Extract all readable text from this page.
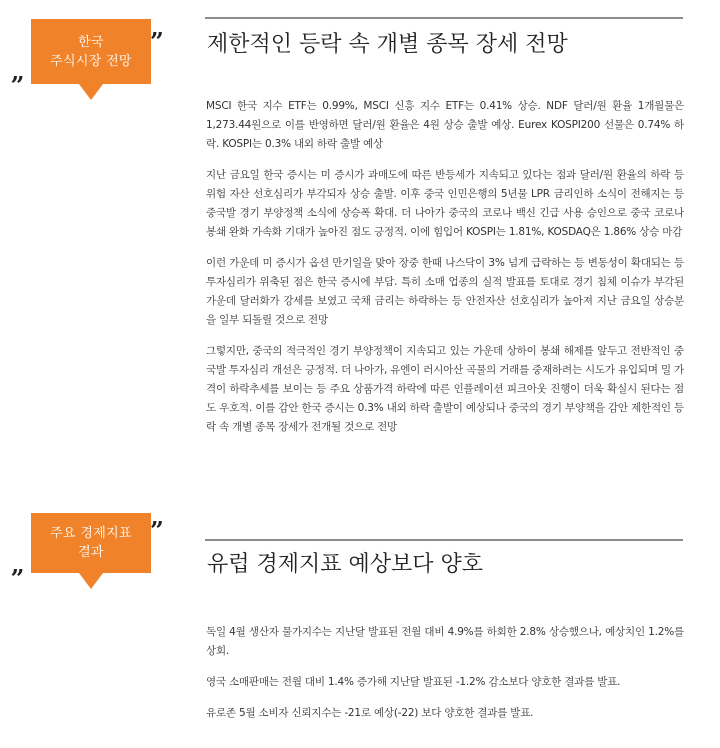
„
한국
주식시장 전망
” 제한적인 등락 속 개별 종목 장세 전망

MSCI 한국 지수 ETF는 0.99%, MSCI 신흥 지수 ETF는 0.41% 상승. NDF 달러/원 환율 1개월물은 1,273.44원으로 이를 반영하면 달러/원 환율은 4원 상승 출발 예상. Eurex KOSPI200 선물은 0.74% 하락. KOSPI는 0.3% 내외 하락 출발 예상

지난 금요일 한국 증시는 미 증시가 과매도에 따른 반등세가 지속되고 있다는 점과 달러/원 환율의 하락 등 위험 자산 선호심리가 부각되자 상승 출발. 이후 중국 인민은행의 5년물 LPR 금리인하 소식이 전해지는 등 중국발 경기 부양정책 소식에 상승폭 확대. 더 나아가 중국의 코로나 백신 긴급 사용 승인으로 중국 코로나 봉쇄 완화 가속화 기대가 높아진 점도 긍정적. 이에 힘입어 KOSPI는 1.81%, KOSDAQ은 1.86% 상승 마감

이런 가운데 미 증시가 옵션 만기일을 맞아 장중 한때 나스닥이 3% 넘게 급락하는 등 변동성이 확대되는 등 투자심리가 위축된 점은 한국 증시에 부담. 특히 소매 업종의 실적 발표를 토대로 경기 침체 이슈가 부각된 가운데 달러화가 강세를 보였고 국채 금리는 하락하는 등 안전자산 선호심리가 높아져 지난 금요일 상승분을 일부 되돌릴 것으로 전망

그렇지만, 중국의 적극적인 경기 부양정책이 지속되고 있는 가운데 상하이 봉쇄 해제를 앞두고 전반적인 중국발 투자심리 개선은 긍정적. 더 나아가, 유엔이 러시아산 곡물의 거래를 중재하려는 시도가 유입되며 밀 가격이 하락추세를 보이는 등 주요 상품가격 하락에 따른 인플레이션 피크아웃 진행이 더욱 확실시 된다는 점도 우호적. 이를 감안 한국 증시는 0.3% 내외 하락 출발이 예상되나 중국의 경기 부양책을 감안 제한적인 등락 속 개별 종목 장세가 전개될 것으로 전망

„
주요 경제지표
결과
”
유럽 경제지표 예상보다 양호

독일 4월 생산자 물가지수는 지난달 발표된 전월 대비 4.9%를 하회한 2.8% 상승했으나, 예상치인 1.2%를 상회.

영국 소매판매는 전월 대비 1.4% 증가해 지난달 발표된 -1.2% 감소보다 양호한 결과를 발표.

유로존 5월 소비자 신뢰지수는 -21로 예상(-22) 보다 양호한 결과를 발표.
